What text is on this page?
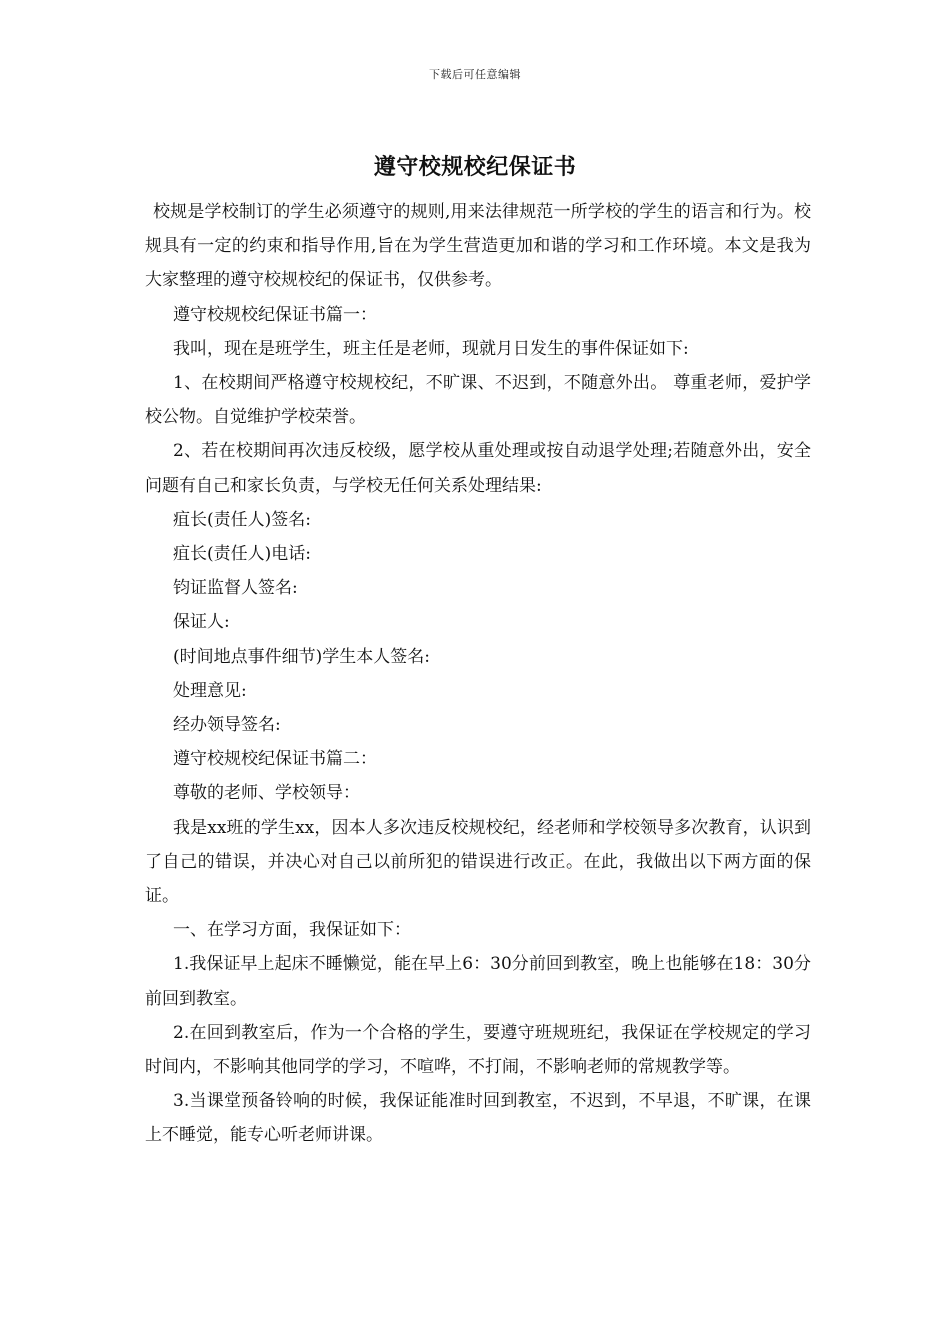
下载后可任意编辑
遵守校规校纪保证书

校规是学校制订的学生必须遵守的规则,用来法律规范一所学校的学生的语言和行为。校规具有一定的约束和指导作用,旨在为学生营造更加和谐的学习和工作环境。本文是我为大家整理的遵守校规校纪的保证书，仅供参考。

遵守校规校纪保证书篇一：

我叫，现在是班学生，班主任是老师，现就月日发生的事件保证如下:

1、在校期间严格遵守校规校纪，不旷课、不迟到，不随意外出。 尊重老师，爱护学校公物。自觉维护学校荣誉。

2、若在校期间再次违反校级，愿学校从重处理或按自动退学处理;若随意外出，安全问题有自己和家长负责，与学校无任何关系处理结果:

疽长(责任人)签名:

疽长(责任人)电话:

钧证监督人签名:

保证人:

(时间地点事件细节)学生本人签名:

处理意见:

经办领导签名:

遵守校规校纪保证书篇二：

尊敬的老师、学校领导：

我是xx班的学生xx，因本人多次违反校规校纪，经老师和学校领导多次教育，认识到了自己的错误，并决心对自己以前所犯的错误进行改正。在此，我做出以下两方面的保证。

一、在学习方面，我保证如下：

1.我保证早上起床不睡懒觉，能在早上6：30分前回到教室，晚上也能够在18：30分前回到教室。

2.在回到教室后，作为一个合格的学生，要遵守班规班纪，我保证在学校规定的学习时间内，不影响其他同学的学习，不喧哗，不打闹，不影响老师的常规教学等。

3.当课堂预备铃响的时候，我保证能准时回到教室，不迟到，不早退，不旷课，在课上不睡觉，能专心听老师讲课。
